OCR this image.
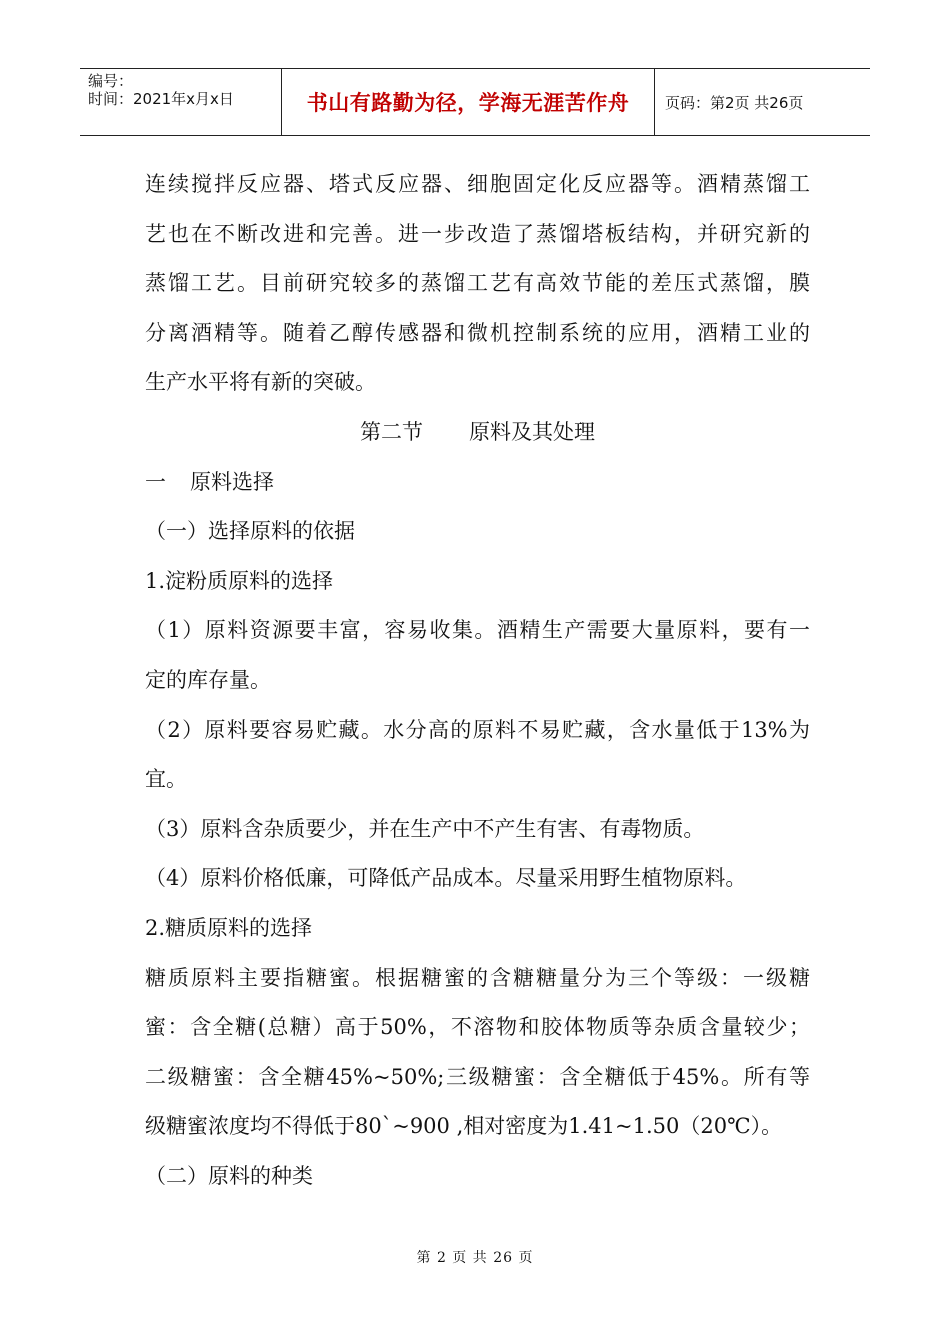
编号：
时间：2021年x月x日	书山有路勤为径，学海无涯苦作舟 页码：第2页 共26页
连续搅拌反应器、塔式反应器、细胞固定化反应器等。酒精蒸馏工
艺也在不断改进和完善。进一步改造了蒸馏塔板结构，并研究新的
蒸馏工艺。目前研究较多的蒸馏工艺有高效节能的差压式蒸馏，膜
分离酒精等。随着乙醇传感器和微机控制系统的应用，酒精工业的
生产水平将有新的突破。
第二节 原料及其处理
一 原料选择
（一）选择原料的依据
1.淀粉质原料的选择
（1）原料资源要丰富，容易收集。酒精生产需要大量原料，要有一
定的库存量。
（2）原料要容易贮藏。水分高的原料不易贮藏，含水量低于13%为
宜。
（3）原料含杂质要少，并在生产中不产生有害、有毒物质。
（4）原料价格低廉，可降低产品成本。尽量采用野生植物原料。
2.糖质原料的选择
糖质原料主要指糖蜜。根据糖蜜的含糖糖量分为三个等级：一级糖
蜜：含全糖(总糖）高于50%，不溶物和胶体物质等杂质含量较少；
二级糖蜜：含全糖45%~50%;三级糖蜜：含全糖低于45%。所有等
级糖蜜浓度均不得低于80`~900 ,相对密度为1.41~1.50（20℃）。
（二）原料的种类
第 2 页 共 26 页
